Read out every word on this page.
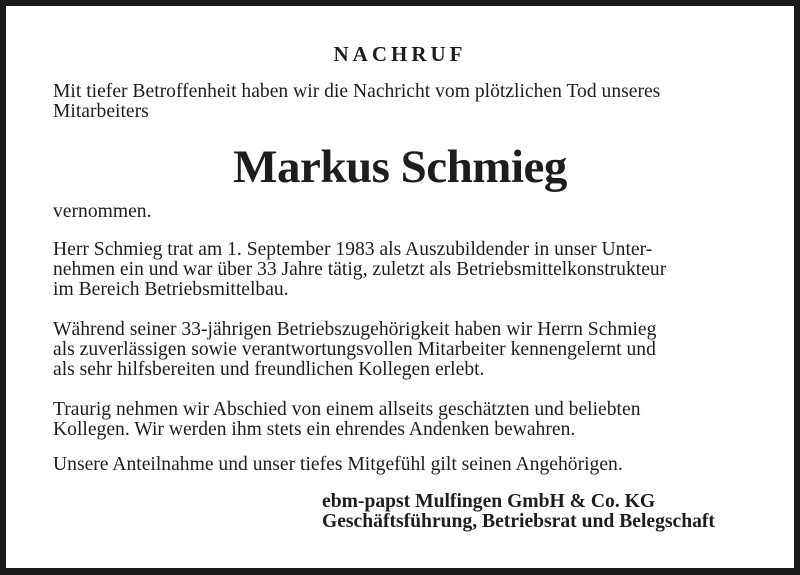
NACHRUF
Mit tiefer Betroffenheit haben wir die Nachricht vom plötzlichen Tod unseres
Mitarbeiters
Markus Schmieg
vernommen.
Herr Schmieg trat am 1. September 1983 als Auszubildender in unser Unter-
nehmen ein und war über 33 Jahre tätig, zuletzt als Betriebsmittelkonstrukteur
im Bereich Betriebsmittelbau.
Während seiner 33-jährigen Betriebszugehörigkeit haben wir Herrn Schmieg
als zuverlässigen sowie verantwortungsvollen Mitarbeiter kennengelernt und
als sehr hilfsbereiten und freundlichen Kollegen erlebt.
Traurig nehmen wir Abschied von einem allseits geschätzten und beliebten
Kollegen. Wir werden ihm stets ein ehrendes Andenken bewahren.
Unsere Anteilnahme und unser tiefes Mitgefühl gilt seinen Angehörigen.
ebm-papst Mulfingen GmbH & Co. KG
Geschäftsführung, Betriebsrat und Belegschaft
